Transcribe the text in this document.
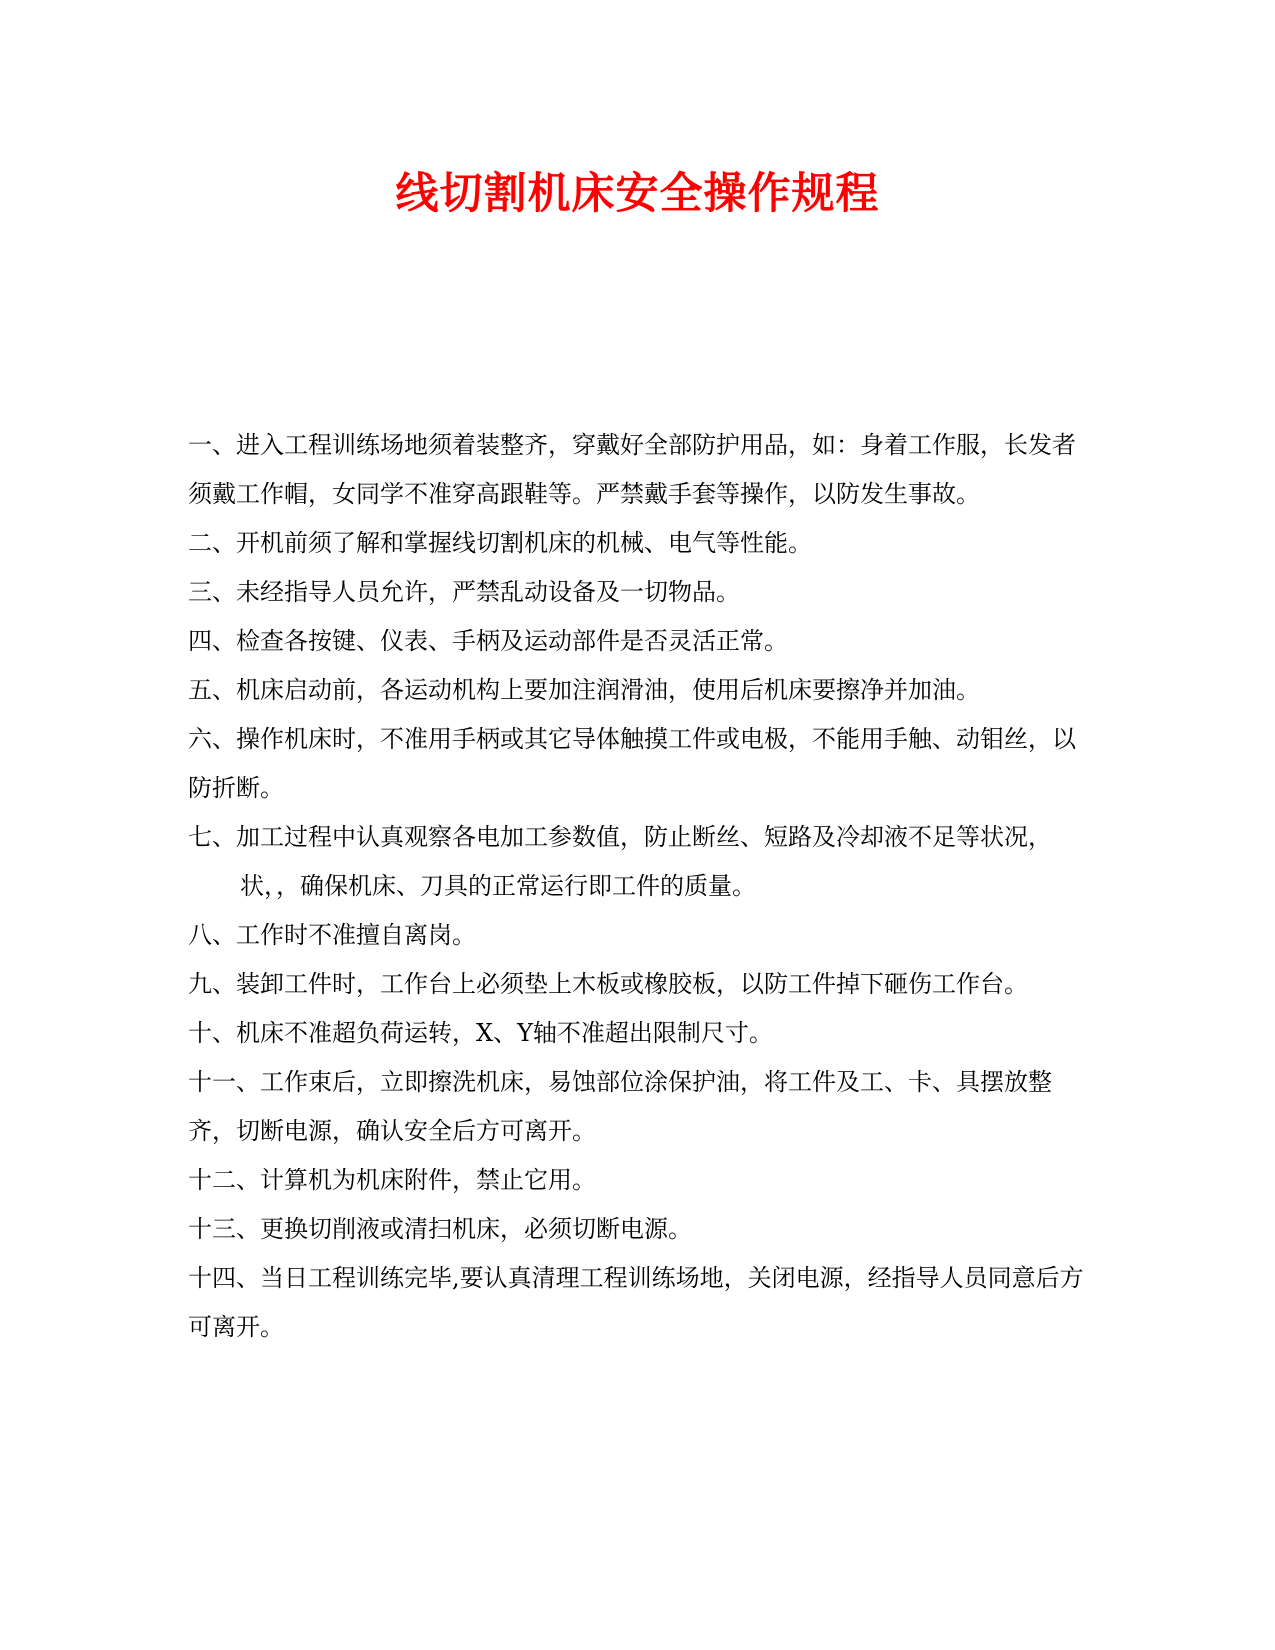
线切割机床安全操作规程
一、进入工程训练场地须着装整齐，穿戴好全部防护用品，如：身着工作服，长发者须戴工作帽，女同学不准穿高跟鞋等。严禁戴手套等操作，以防发生事故。
二、开机前须了解和掌握线切割机床的机械、电气等性能。
三、未经指导人员允许，严禁乱动设备及一切物品。
四、检查各按键、仪表、手柄及运动部件是否灵活正常。
五、机床启动前，各运动机构上要加注润滑油，使用后机床要擦净并加油。
六、操作机床时，不准用手柄或其它导体触摸工件或电极，不能用手触、动钼丝，以防折断。
七、加工过程中认真观察各电加工参数值，防止断丝、短路及冷却液不足等状况，状，，确保机床、刀具的正常运行即工件的质量。
八、工作时不准擅自离岗。
九、装卸工件时，工作台上必须垫上木板或橡胶板，以防工件掉下砸伤工作台。
十、机床不准超负荷运转，X、Y轴不准超出限制尺寸。
十一、工作束后，立即擦洗机床，易蚀部位涂保护油，将工件及工、卡、具摆放整齐，切断电源，确认安全后方可离开。
十二、计算机为机床附件，禁止它用。
十三、更换切削液或清扫机床，必须切断电源。
十四、当日工程训练完毕,要认真清理工程训练场地，关闭电源，经指导人员同意后方可离开。
